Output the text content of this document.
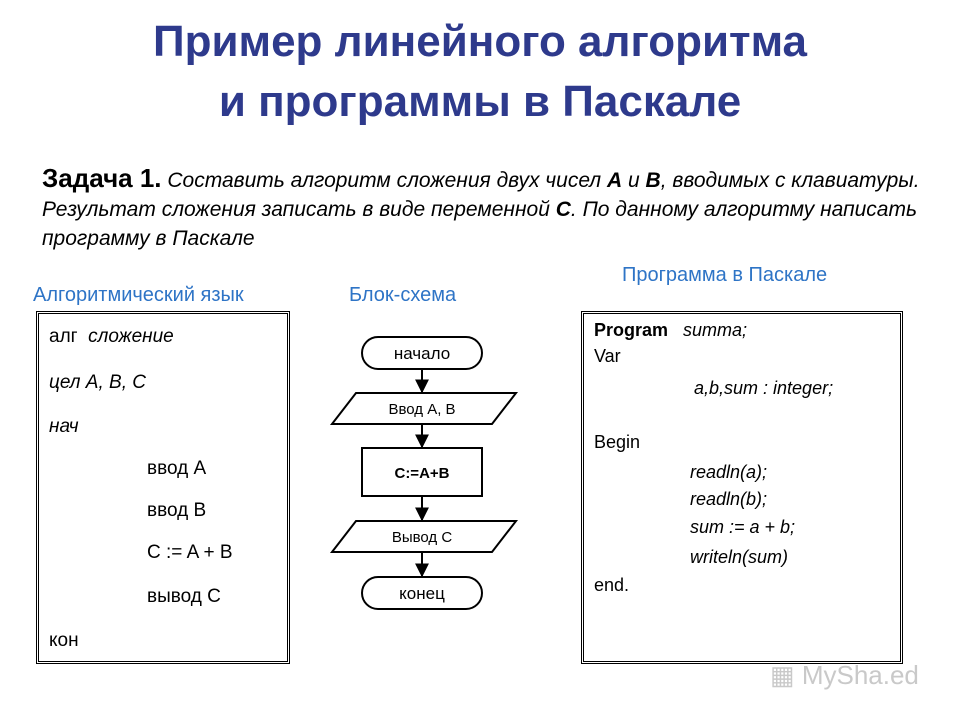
Пример линейного алгоритма
и программы в Паскале
Задача 1. Составить алгоритм сложения двух чисел A и B, вводимых с клавиатуры. Результат сложения записать в виде переменной C. По данному алгоритму написать программу в Паскале
Алгоритмический язык	Блок-схема
Программа в Паскале
алг сложение
цел A, B, C
нач
ввод A
ввод B
C := A + B
вывод C
кон
начало
Ввод А, В
С:=А+В
Вывод С
конец
Program summa;
Var
a,b,sum : integer;
Begin
readln(a);
readln(b);
sum := a + b;
writeln(sum)
end.
▦ MySha.ed
